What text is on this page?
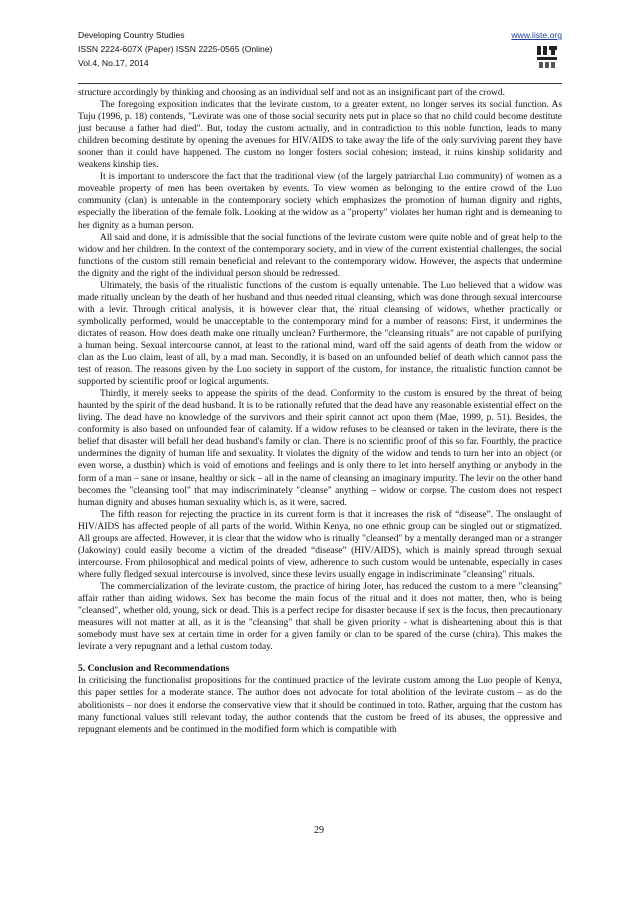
Developing Country Studies
ISSN 2224-607X (Paper) ISSN 2225-0565 (Online)
Vol.4, No.17, 2014
www.iiste.org

structure accordingly by thinking and choosing as an individual self and not as an insignificant part of the crowd.

The foregoing exposition indicates that the levirate custom, to a greater extent, no longer serves its social function. As Tuju (1996, p. 18) contends, "Levirate was one of those social security nets put in place so that no child could become destitute just because a father had died". But, today the custom actually, and in contradiction to this noble function, leads to many children becoming destitute by opening the avenues for HIV/AIDS to take away the life of the only surviving parent they have sooner than it could have happened. The custom no longer fosters social cohesion; instead, it ruins kinship solidarity and weakens kinship ties.

It is important to underscore the fact that the traditional view (of the largely patriarchal Luo community) of women as a moveable property of men has been overtaken by events. To view women as belonging to the entire crowd of the Luo community (clan) is untenable in the contemporary society which emphasizes the promotion of human dignity and rights, especially the liberation of the female folk. Looking at the widow as a "property" violates her human right and is demeaning to her dignity as a human person.

All said and done, it is admissible that the social functions of the levirate custom were quite noble and of great help to the widow and her children. In the context of the contemporary society, and in view of the current existential challenges, the social functions of the custom still remain beneficial and relevant to the contemporary widow. However, the aspects that undermine the dignity and the right of the individual person should be redressed.

Ultimately, the basis of the ritualistic functions of the custom is equally untenable. The Luo believed that a widow was made ritually unclean by the death of her husband and thus needed ritual cleansing, which was done through sexual intercourse with a levir. Through critical analysis, it is however clear that, the ritual cleansing of widows, whether practically or symbolically performed, would be unacceptable to the contemporary mind for a number of reasons: First, it undermines the dictates of reason. How does death make one ritually unclean? Furthermore, the "cleansing rituals" are not capable of purifying a human being. Sexual intercourse cannot, at least to the rational mind, ward off the said agents of death from the widow or clan as the Luo claim, least of all, by a mad man. Secondly, it is based on an unfounded belief of death which cannot pass the test of reason. The reasons given by the Luo society in support of the custom, for instance, the ritualistic function cannot be supported by scientific proof or logical arguments.

Thirdly, it merely seeks to appease the spirits of the dead. Conformity to the custom is ensured by the threat of being haunted by the spirit of the dead husband. It is to be rationally refuted that the dead have any reasonable existential effect on the living. The dead have no knowledge of the survivors and their spirit cannot act upon them (Mae, 1999, p. 51). Besides, the conformity is also based on unfounded fear of calamity. If a widow refuses to be cleansed or taken in the levirate, there is the belief that disaster will befall her dead husband's family or clan. There is no scientific proof of this so far. Fourthly, the practice undermines the dignity of human life and sexuality. It violates the dignity of the widow and tends to turn her into an object (or even worse, a dustbin) which is void of emotions and feelings and is only there to let into herself anything or anybody in the form of a man – sane or insane, healthy or sick – all in the name of cleansing an imaginary impurity. The levir on the other hand becomes the "cleansing tool" that may indiscriminately "cleanse" anything – widow or corpse. The custom does not respect human dignity and abuses human sexuality which is, as it were, sacred.

The fifth reason for rejecting the practice in its current form is that it increases the risk of “disease”. The onslaught of HIV/AIDS has affected people of all parts of the world. Within Kenya, no one ethnic group can be singled out or stigmatized. All groups are affected. However, it is clear that the widow who is ritually "cleansed" by a mentally deranged man or a stranger (Jakowiny) could easily become a victim of the dreaded “disease” (HIV/AIDS), which is mainly spread through sexual intercourse. From philosophical and medical points of view, adherence to such custom would be untenable, especially in cases where fully fledged sexual intercourse is involved, since these levirs usually engage in indiscriminate "cleansing" rituals.

The commercialization of the levirate custom, the practice of hiring Joter, has reduced the custom to a mere "cleansing" affair rather than aiding widows. Sex has become the main focus of the ritual and it does not matter, then, who is being "cleansed", whether old, young, sick or dead. This is a perfect recipe for disaster because if sex is the focus, then precautionary measures will not matter at all, as it is the "cleansing" that shall be given priority - what is disheartening about this is that somebody must have sex at certain time in order for a given family or clan to be spared of the curse (chira). This makes the levirate a very repugnant and a lethal custom today.

5. Conclusion and Recommendations

In criticising the functionalist propositions for the continued practice of the levirate custom among the Luo people of Kenya, this paper settles for a moderate stance. The author does not advocate for total abolition of the levirate custom – as do the abolitionists – nor does it endorse the conservative view that it should be continued in toto. Rather, arguing that the custom has many functional values still relevant today, the author contends that the custom be freed of its abuses, the oppressive and repugnant elements and be continued in the modified form which is compatible with

29
